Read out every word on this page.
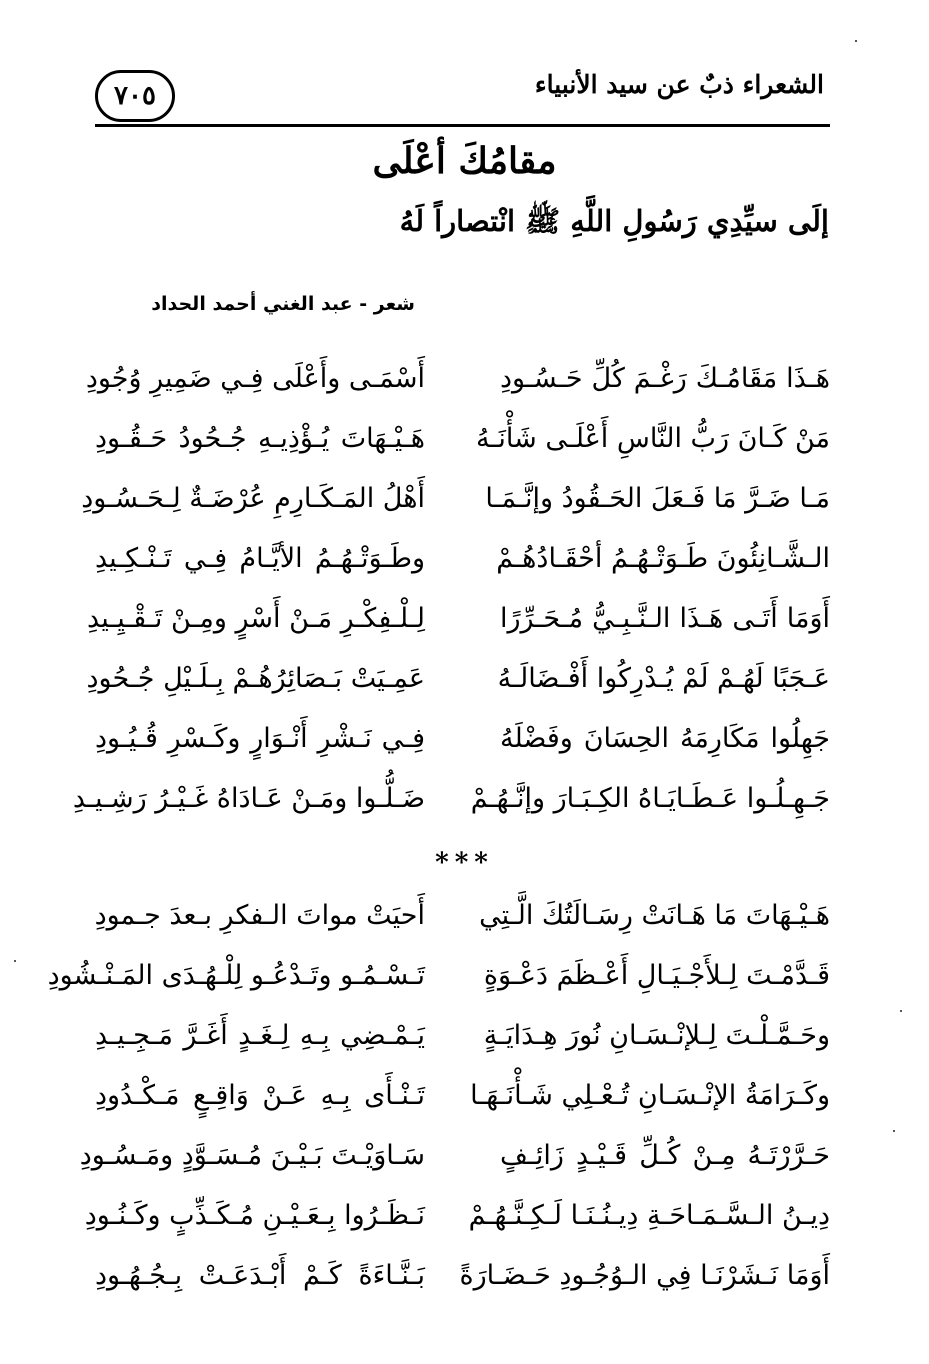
الشعراء ذبٌ عن سيد الأنبياء
٧٠٥
مقامُكَ أعْلَى
إلَى سيِّدِي رَسُولِ اللَّهِ ﷺ انْتصاراً لَهُ
شعر - عبد الغني أحمد الحداد
هَـذَا مَقَامُـكَ رَغْـمَ كُلِّ حَـسُـودِ
أَسْمَـى وأَعْلَى فِـي ضَمِيرِ وُجُودِ
مَنْ كَـانَ رَبُّ النَّاسِ أَعْلَـى شَأْنَـهُ
هَـيْـهَاتَ يُـؤْذِيـهِ جُـحُودُ حَـقُـودِ
مَـا ضَـرَّ مَا فَـعَلَ الحَـقُودُ وإنَّـمَـا
أَهْلُ المَـكَـارِمِ عُرْضَـةٌ لِـحَـسُـودِ
الـشَّـانِئُونَ طَـوَتْـهُـمُ أحْقَـادُهُـمْ
وطَـوَتْـهُـمُ الأيَّـامُ فِـي تَـنْـكِـيدِ
أَوَمَا أَتَـى هَـذَا الـنَّـبِـيُّ مُـحَـرِّرًا
لِـلْـفِكْـرِ مَـنْ أَسْرٍ ومِـنْ تَـقْـيِـيدِ
عَـجَبًا لَهُـمْ لَمْ يُـدْرِكُوا أَفْـضَالَـهُ
عَمِـيَتْ بَـصَائِرُهُـمْ بِـلَـيْلِ جُـحُودِ
جَهِلُوا مَكَارِمَهُ الحِسَانَ وفَضْلَهُ
فِـي نَـشْرِ أَنْـوَارٍ وكَـسْرِ قُـيُـودِ
جَـهِـلُـوا عَـطَـايَـاهُ الكِـبَـارَ وإنَّـهُـمْ
ضَـلُّـوا ومَـنْ عَـادَاهُ غَـيْـرُ رَشِـيـدِ
***
هَـيْـهَاتَ مَا هَـانَتْ رِسَـالَتُكَ الَّـتِي
أَحيَتْ مواتَ الـفكرِ بـعدَ جـمودِ
قَـدَّمْـتَ لِـلأَجْـيَـالِ أَعْـظَمَ دَعْـوَةٍ
تَـسْـمُـو وتَـدْعُـو لِلْـهُـدَى المَـنْـشُودِ
وحَـمَّـلْـتَ لِـلإنْـسَـانِ نُورَ هِـدَايَـةٍ
يَـمْـضِي بِـهِ لِـغَـدٍ أَغَـرَّ مَـجِـيـدِ
وكَـرَامَةُ الإنْـسَـانِ تُـعْـلِي شَـأْنَـهَـا
تَـنْـأَى بِـهِ عَـنْ وَاقِـعٍ مَـكْـدُودِ
حَـرَّرْتَـهُ مِـنْ كُـلِّ قَـيْـدٍ زَائِـفٍ
سَـاوَيْـتَ بَـيْـنَ مُـسَـوَّدٍ ومَـسُـودِ
دِيـنُ الـسَّـمَـاحَـةِ دِيـنُـنَـا لَـكِـنَّـهُـمْ
نَـظَـرُوا بِـعَـيْـنِ مُـكَـذِّبٍ وكَـنُـودِ
أَوَمَا نَـشَرْنَـا فِي الـوُجُـودِ حَـضَـارَةً
بَـنَّـاءَةً كَـمْ أَبْـدَعَـتْ بِـجُـهُـودِ
